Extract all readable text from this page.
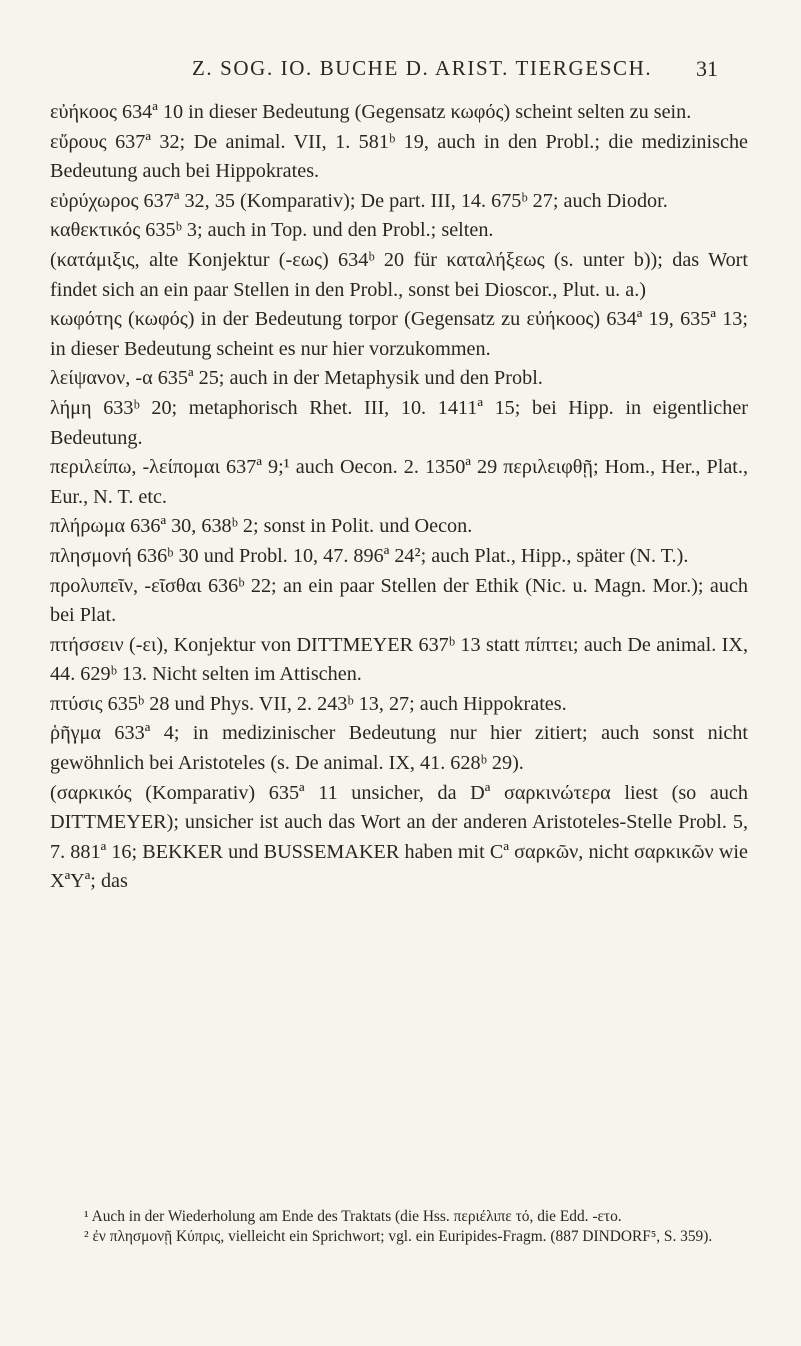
Z. SOG. IO. BUCHE D. ARIST. TIERGESCH. 31

εὐήκοος 634ª 10 in dieser Bedeutung (Gegensatz κωφός) scheint selten zu sein.

εὔρους 637ª 32; De animal. VII, 1. 581ᵇ 19, auch in den Probl.; die medizinische Bedeutung auch bei Hippokrates.

εὐρύχωρος 637ª 32, 35 (Komparativ); De part. III, 14. 675ᵇ 27; auch Diodor.

καθεκτικός 635ᵇ 3; auch in Top. und den Probl.; selten.

(κατάμιξις, alte Konjektur (-εως) 634ᵇ 20 für καταλήξεως (s. unter b)); das Wort findet sich an ein paar Stellen in den Probl., sonst bei Dioscor., Plut. u. a.)

κωφότης (κωφός) in der Bedeutung torpor (Gegensatz zu εὐήκοος) 634ª 19, 635ª 13; in dieser Bedeutung scheint es nur hier vorzukommen.

λείψανον, -α 635ª 25; auch in der Metaphysik und den Probl.

λήμη 633ᵇ 20; metaphorisch Rhet. III, 10. 1411ª 15; bei Hipp. in eigentlicher Bedeutung.

περιλείπω, -λείπομαι 637ª 9;¹ auch Oecon. 2. 1350ª 29 περιλειφθῇ; Hom., Her., Plat., Eur., N. T. etc.

πλήρωμα 636ª 30, 638ᵇ 2; sonst in Polit. und Oecon.

πλησμονή 636ᵇ 30 und Probl. 10, 47. 896ª 24²; auch Plat., Hipp., später (N. T.).

προλυπεῖν, -εῖσθαι 636ᵇ 22; an ein paar Stellen der Ethik (Nic. u. Magn. Mor.); auch bei Plat.

πτήσσειν (-ει), Konjektur von DITTMEYER 637ᵇ 13 statt πίπτει; auch De animal. IX, 44. 629ᵇ 13. Nicht selten im Attischen.

πτύσις 635ᵇ 28 und Phys. VII, 2. 243ᵇ 13, 27; auch Hippokrates.

ῥῆγμα 633ª 4; in medizinischer Bedeutung nur hier zitiert; auch sonst nicht gewöhnlich bei Aristoteles (s. De animal. IX, 41. 628ᵇ 29).

(σαρκικός (Komparativ) 635ª 11 unsicher, da Dª σαρκινώτερα liest (so auch DITTMEYER); unsicher ist auch das Wort an der anderen Aristoteles-Stelle Probl. 5, 7. 881ª 16; BEKKER und BUSSEMAKER haben mit Cª σαρκῶν, nicht σαρκικῶν wie XªYª; das

¹ Auch in der Wiederholung am Ende des Traktats (die Hss. περιέλιπε τό, die Edd. -ετο.

² ἐν πλησμονῇ Κύπρις, vielleicht ein Sprichwort; vgl. ein Euripides-Fragm. (887 DINDORF⁵, S. 359).
